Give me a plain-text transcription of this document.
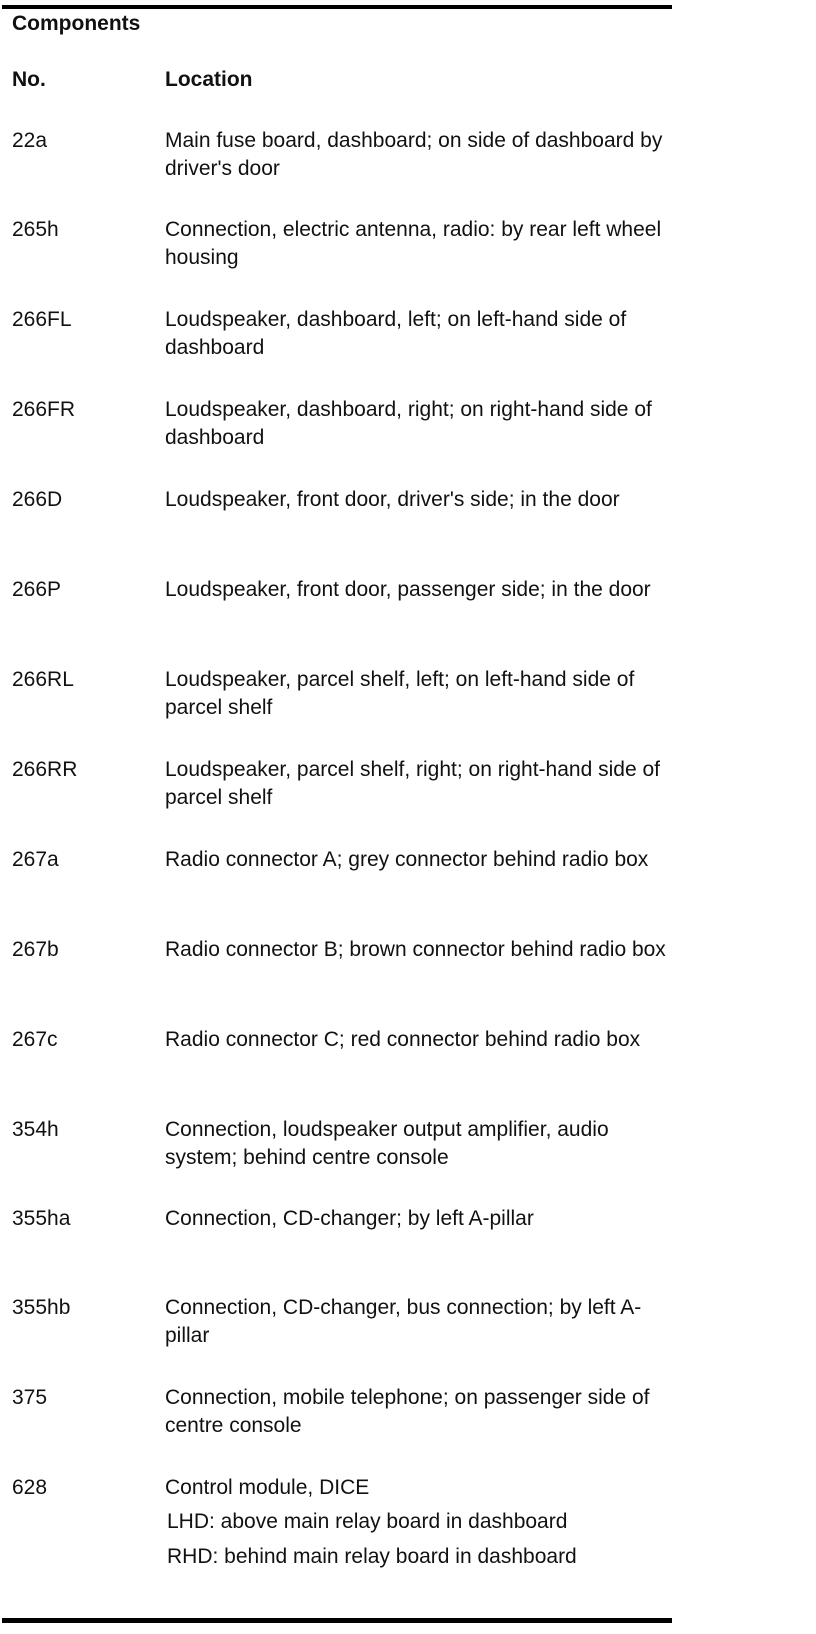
Components
No.	Location
22a	Main fuse board, dashboard; on side of dashboard by driver's door
265h	Connection, electric antenna, radio: by rear left wheel housing
266FL	Loudspeaker, dashboard, left; on left-hand side of dashboard
266FR	Loudspeaker, dashboard, right; on right-hand side of dashboard
266D	Loudspeaker, front door, driver's side; in the door
266P	Loudspeaker, front door, passenger side; in the door
266RL	Loudspeaker, parcel shelf, left; on left-hand side of parcel shelf
266RR	Loudspeaker, parcel shelf, right; on right-hand side of parcel shelf
267a	Radio connector A; grey connector behind radio box
267b	Radio connector B; brown connector behind radio box
267c	Radio connector C; red connector behind radio box
354h	Connection, loudspeaker output amplifier, audio system; behind centre console
355ha	Connection, CD-changer; by left A-pillar
355hb	Connection, CD-changer, bus connection; by left A-pillar
375	Connection, mobile telephone; on passenger side of centre console
628	Control module, DICE
LHD: above main relay board in dashboard
RHD: behind main relay board in dashboard
